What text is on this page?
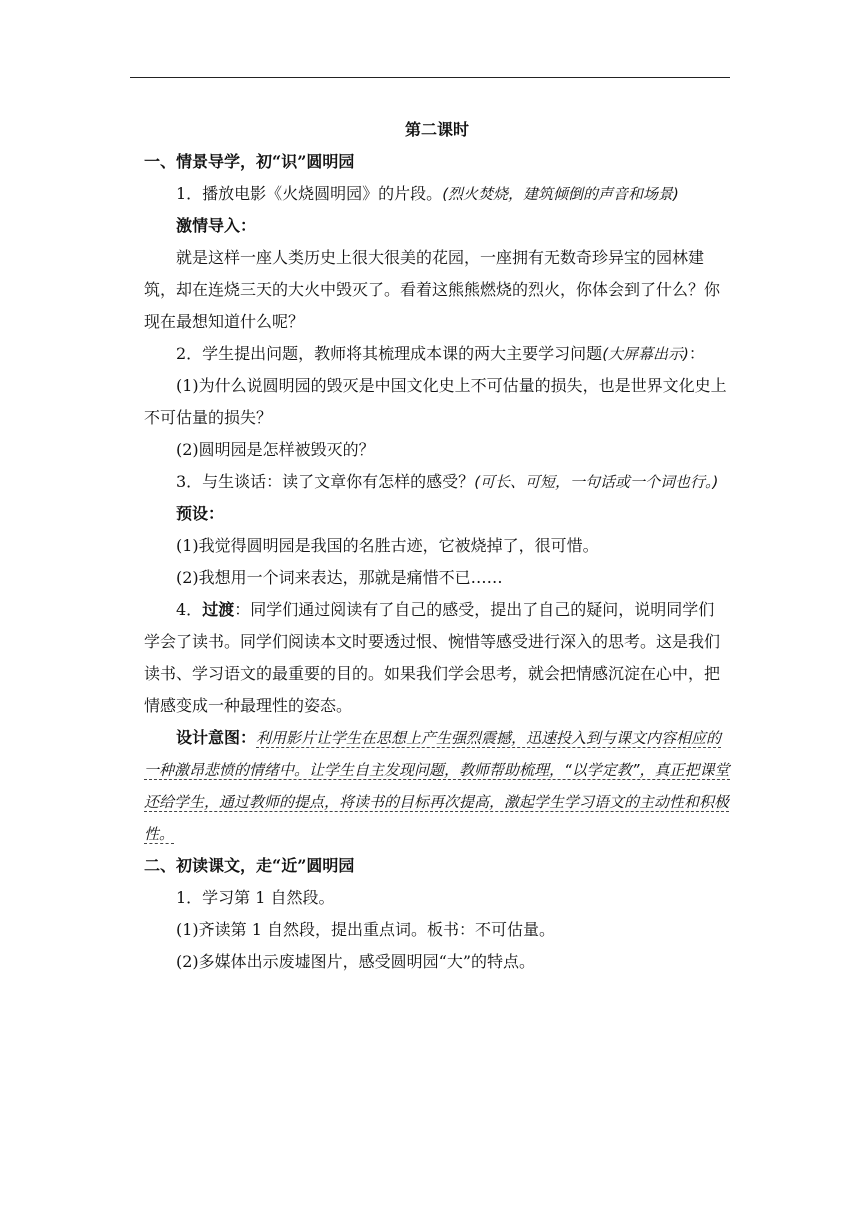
第二课时

一、情景导学，初“识”圆明园

1．播放电影《火烧圆明园》的片段。(烈火焚烧，建筑倾倒的声音和场景)

激情导入：

就是这样一座人类历史上很大很美的花园，一座拥有无数奇珍异宝的园林建筑，却在连烧三天的大火中毁灭了。看着这熊熊燃烧的烈火，你体会到了什么？你现在最想知道什么呢？

2．学生提出问题，教师将其梳理成本课的两大主要学习问题(大屏幕出示)：

(1)为什么说圆明园的毁灭是中国文化史上不可估量的损失，也是世界文化史上不可估量的损失？

(2)圆明园是怎样被毁灭的？

3．与生谈话：读了文章你有怎样的感受？(可长、可短，一句话或一个词也行。)

预设：

(1)我觉得圆明园是我国的名胜古迹，它被烧掉了，很可惜。

(2)我想用一个词来表达，那就是痛惜不已……

4．过渡：同学们通过阅读有了自己的感受，提出了自己的疑问，说明同学们学会了读书。同学们阅读本文时要透过恨、惋惜等感受进行深入的思考。这是我们读书、学习语文的最重要的目的。如果我们学会思考，就会把情感沉淀在心中，把情感变成一种最理性的姿态。

设计意图：利用影片让学生在思想上产生强烈震撼，迅速投入到与课文内容相应的一种激昂悲愤的情绪中。让学生自主发现问题，教师帮助梳理，“以学定教”，真正把课堂还给学生，通过教师的提点，将读书的目标再次提高，激起学生学习语文的主动性和积极性。

二、初读课文，走“近”圆明园

1．学习第 1 自然段。

(1)齐读第 1 自然段，提出重点词。板书：不可估量。

(2)多媒体出示废墟图片，感受圆明园“大”的特点。
